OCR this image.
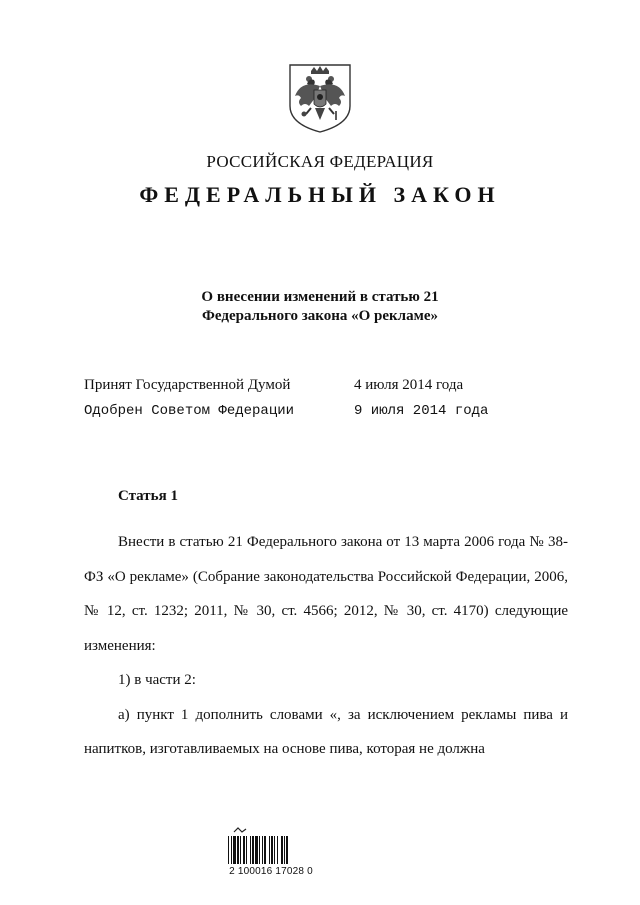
РОССИЙСКАЯ ФЕДЕРАЦИЯ
ФЕДЕРАЛЬНЫЙ ЗАКОН
О внесении изменений в статью 21
Федерального закона «О рекламе»
Принят Государственной Думой	4 июля 2014 года
Одобрен Советом Федерации	9 июля 2014 года
Статья 1

Внести в статью 21 Федерального закона от 13 марта 2006 года № 38-ФЗ «О рекламе» (Собрание законодательства Российской Федерации, 2006, № 12, ст. 1232; 2011, № 30, ст. 4566; 2012, № 30, ст. 4170) следующие изменения:

1) в части 2:

а) пункт 1 дополнить словами «, за исключением рекламы пива и напитков, изготавливаемых на основе пива, которая не должна

2 100016 17028 0
